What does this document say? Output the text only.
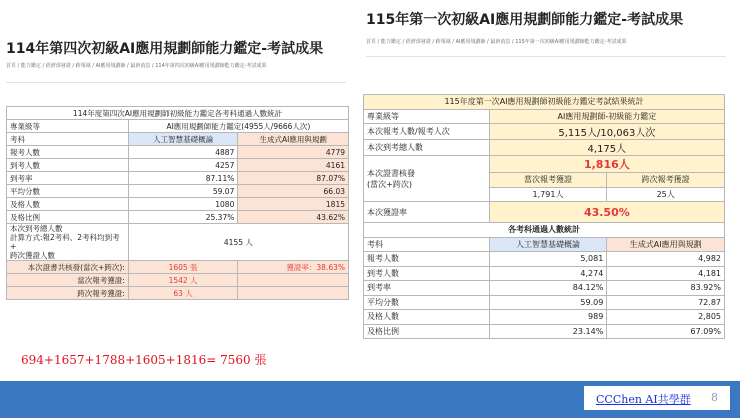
114年第四次初級AI應用規劃師能力鑑定-考試成果
首頁 / 能力鑑定 / 經濟部發證 / 跨領域 / AI應用規劃師 / 最新消息 / 114年第四次初級AI應用規劃師能力鑑定-考試成果
114年度第四次AI應用規劃師初級能力鑑定各考科通過人數統計		
專業級等	AI應用規劃師能力鑑定(4955人/9666人次)	
考科	人工智慧基礎概論	生成式AI應用與規劃
報考人數	4887	4779
到考人數	4257	4161
到考率	87.11%	87.07%
平均分數	59.07	66.03
及格人數	1080	1815
及格比例	25.37%	43.62%
本次到考總人數
計算方式:報2考科、2考科均到考+
跨次獲證人數	4155 人	
本次證書共核發(當次+跨次):	1605 張	獲證率：38.63%
當次報考獲證:	1542 人	
跨次報考獲證:	63 人	
694+1657+1788+1605+1816= 7560 張
115年第一次初級AI應用規劃師能力鑑定-考試成果
首頁 / 能力鑑定 / 經濟部發證 / 跨領域 / AI應用規劃師 / 最新消息 / 115年第一次初級AI應用規劃師能力鑑定-考試成果
115年度第一次AI應用規劃師初級能力鑑定考試結果統計		
專業級等	AI應用規劃師-初級能力鑑定	
本次報考人數/報考人次	5,115人/10,063人次	
本次到考總人數	4,175人	
本次證書核發
(當次+跨次)	1,816人	
	當次報考獲證	跨次報考獲證
	1,791人	25人
本次獲證率	43.50%	
各考科通過人數統計		
考科	人工智慧基礎概論	生成式AI應用與規劃
報考人數	5,081	4,982
到考人數	4,274	4,181
到考率	84.12%	83.92%
平均分數	59.09	72.87
及格人數	989	2,805
及格比例	23.14%	67.09%
© CCChen（陳志德）｜歡迎轉寄｜未經授權 AI 擷取、分析或使用
CCChen AI共學群 8
